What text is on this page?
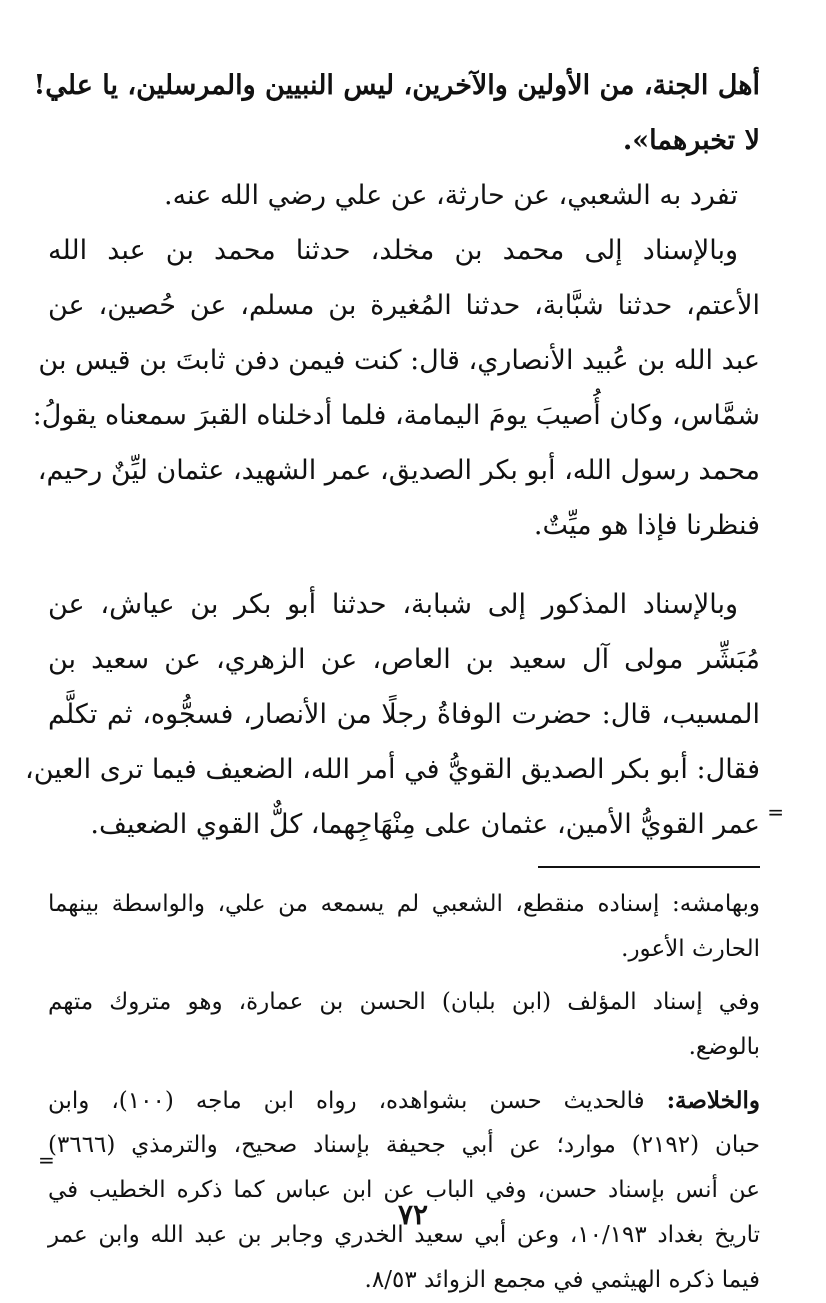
أهل الجنة، من الأولين والآخرين، ليس النبيين والمرسلين، يا علي!
لا تخبرهما».
تفرد به الشعبي، عن حارثة، عن علي رضي الله عنه.
وبالإسناد إلى محمد بن مخلد، حدثنا محمد بن عبد الله
الأعتم، حدثنا شبَّابة، حدثنا المُغيرة بن مسلم، عن حُصين، عن
عبد الله بن عُبيد الأنصاري، قال: كنت فيمن دفن ثابتَ بن قيس بن
شمَّاس، وكان أُصيبَ يومَ اليمامة، فلما أدخلناه القبرَ سمعناه يقولُ:
محمد رسول الله، أبو بكر الصديق، عمر الشهيد، عثمان ليِّنٌ رحيم،
فنظرنا فإذا هو ميِّتٌ.
وبالإسناد المذكور إلى شبابة، حدثنا أبو بكر بن عياش، عن
مُبَشِّر مولى آل سعيد بن العاص، عن الزهري، عن سعيد بن
المسيب، قال: حضرت الوفاةُ رجلًا من الأنصار، فسجُّوه، ثم تكلَّم
فقال: أبو بكر الصديق القويُّ في أمر الله، الضعيف فيما ترى العين،
عمر القويُّ الأمين، عثمان على مِنْهَاجِهما، كلٌّ القوي الضعيف.
وبهامشه: إسناده منقطع، الشعبي لم يسمعه من علي، والواسطة بينهما
الحارث الأعور.
وفي إسناد المؤلف (ابن بلبان) الحسن بن عمارة، وهو متروك متهم
بالوضع.
والخلاصة: فالحديث حسن بشواهده، رواه ابن ماجه (١٠٠)، وابن
حبان (٢١٩٢) موارد؛ عن أبي جحيفة بإسناد صحيح، والترمذي (٣٦٦٦)
عن أنس بإسناد حسن، وفي الباب عن ابن عباس كما ذكره الخطيب في
تاريخ بغداد ١٠/١٩٣، وعن أبي سعيد الخدري وجابر بن عبد الله وابن عمر
فيما ذكره الهيثمي في مجمع الزوائد ٨/٥٣.
=
=
٧٢
